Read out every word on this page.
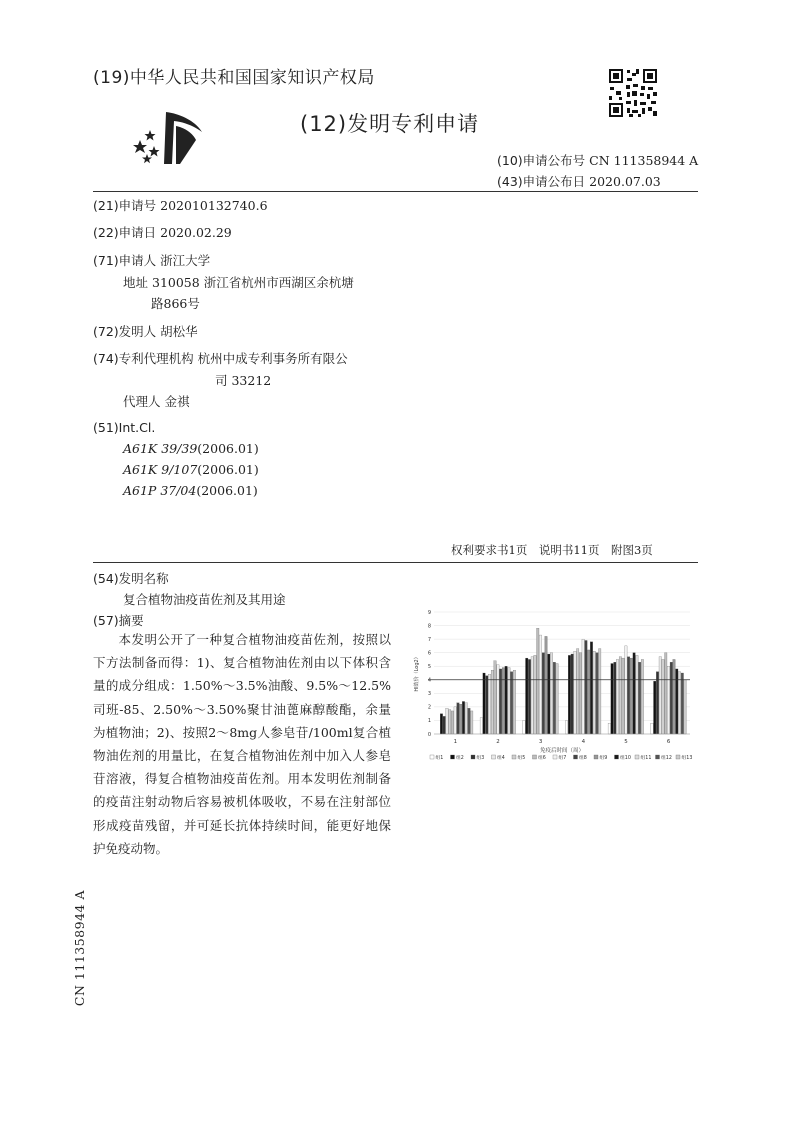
(19)中华人民共和国国家知识产权局
(12)发明专利申请
(10)申请公布号 CN 111358944 A
(43)申请公布日 2020.07.03
(21)申请号 202010132740.6
(22)申请日 2020.02.29
(71)申请人 浙江大学
地址 310058 浙江省杭州市西湖区余杭塘
路866号
(72)发明人 胡松华
(74)专利代理机构 杭州中成专利事务所有限公
司 33212
代理人 金祺
(51)Int.Cl.
A61K 39/39(2006.01)
A61K 9/107(2006.01)
A61P 37/04(2006.01)
权利要求书1页　说明书11页　附图3页
(54)发明名称
复合植物油疫苗佐剂及其用途
(57)摘要
本发明公开了一种复合植物油疫苗佐剂，按照以下方法制备而得：1)、复合植物油佐剂由以下体积含量的成分组成：1.50%～3.5%油酸、9.5%～12.5%司班-85、2.50%～3.50%聚甘油蓖麻醇酸酯，余量为植物油；2)、按照2～8mg人参皂苷/100ml复合植物油佐剂的用量比，在复合植物油佐剂中加入人参皂苷溶液，得复合植物油疫苗佐剂。用本发明佐剂制备的疫苗注射动物后容易被机体吸收，不易在注射部位形成疫苗残留，并可延长抗体持续时间，能更好地保护免疫动物。
0
1
2
3
4
5
6
7
8
9
1	2	3	4	5	6
HI效价（Log2）
免疫后时间（周）
组1	组2	组3	组4	组5	组6	组7	组8	组9	组10 组11 组12 组13
CN 111358944 A
